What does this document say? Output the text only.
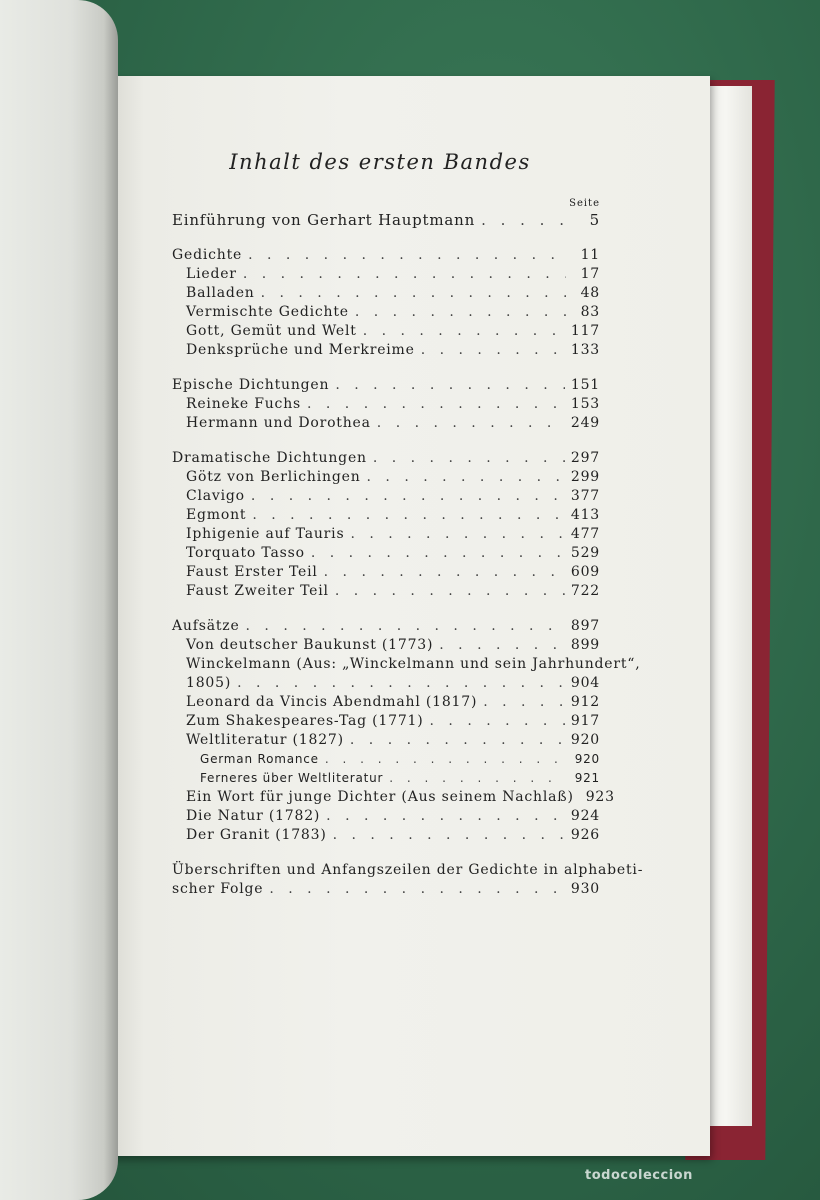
Inhalt des ersten Bandes
Seite
Einführung von Gerhart Hauptmann . . .	5
Gedichte . . .	11
Lieder . . .	17
Balladen . . .	48
Vermischte Gedichte . . .	83
Gott, Gemüt und Welt . . .	117
Denksprüche und Merkreime . . .	133
Epische Dichtungen . . .	151
Reineke Fuchs . . .	153
Hermann und Dorothea . . .	249
Dramatische Dichtungen . . .	297
Götz von Berlichingen . . .	299
Clavigo . . .	377
Egmont . . .	413
Iphigenie auf Tauris . . .	477
Torquato Tasso . . .	529
Faust Erster Teil . . .	609
Faust Zweiter Teil . . .	722
Aufsätze . . .	897
Von deutscher Baukunst (1773) . . .	899
Winckelmann (Aus: „Winckelmann und sein Jahrhundert“,
1805) . . .	904
Leonard da Vincis Abendmahl (1817) . . .	912
Zum Shakespeares-Tag (1771) . . .	917
Weltliteratur (1827) . . .	920
German Romance . . .	920
Ferneres über Weltliteratur . . .	921
Ein Wort für junge Dichter (Aus seinem Nachlaß) 923
Die Natur (1782) . . .	924
Der Granit (1783) . . .	926
Überschriften und Anfangszeilen der Gedichte in alphabeti-
scher Folge . . .	930
todocoleccion
